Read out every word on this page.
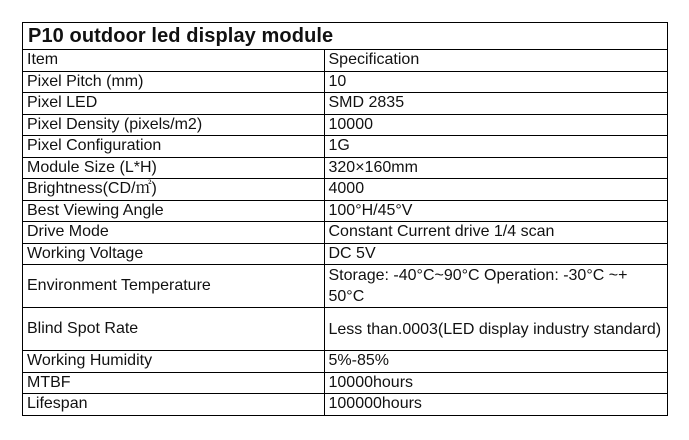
P10 outdoor led display module
Item	Specification
Pixel Pitch (mm)	10
Pixel LED	SMD 2835
Pixel Density (pixels/m2)	10000
Pixel Configuration	1G
Module Size (L*H)	320×160mm
Brightness(CD/㎡)	4000
Best Viewing Angle	100°H/45°V
Drive Mode	Constant Current drive 1/4 scan
Working Voltage	DC 5V
Environment Temperature	Storage: -40°C~90°C Operation: -30°C ~+ 50°C
Blind Spot Rate	Less than.0003(LED display industry standard)
Working Humidity	5%-85%
MTBF	10000hours
Lifespan	100000hours
